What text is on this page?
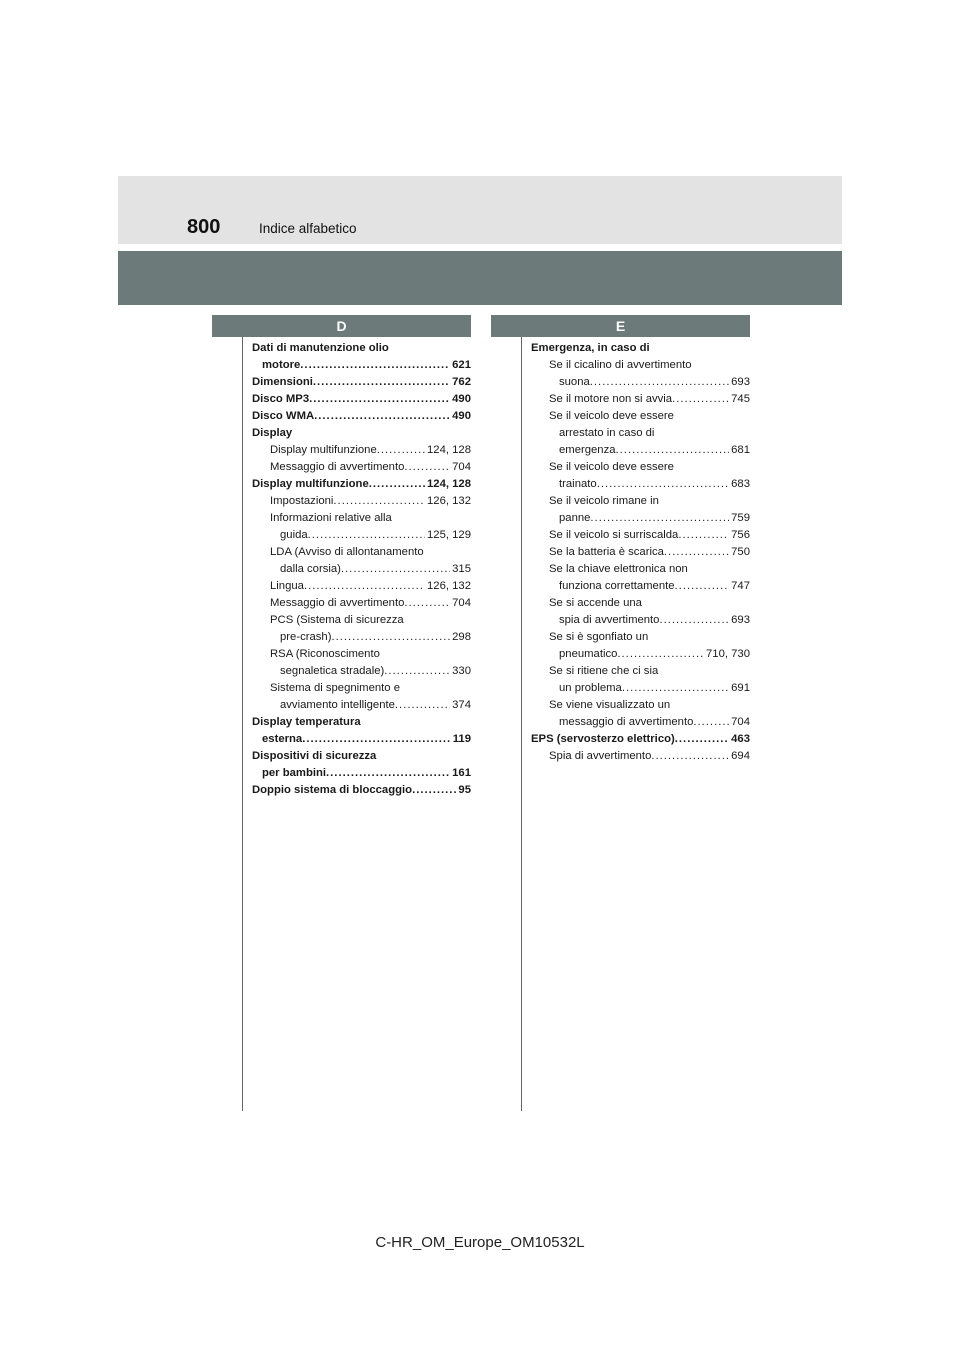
800	Indice alfabetico
D	E
Dati di manutenzione olio
motore .....	621
Dimensioni .....	762
Disco MP3 .....	490
Disco WMA .....	490
Display
Display multifunzione .....	124, 128
Messaggio di avvertimento .....	704
Display multifunzione .....	124, 128
Impostazioni .....	126, 132
Informazioni relative alla
guida .....	125, 129
LDA (Avviso di allontanamento
dalla corsia) .....	315
Lingua .....	126, 132
Messaggio di avvertimento .....	704
PCS (Sistema di sicurezza
pre-crash) .....	298
RSA (Riconoscimento
segnaletica stradale) .....	330
Sistema di spegnimento e
avviamento intelligente .....	374
Display temperatura
esterna .....	119
Dispositivi di sicurezza
per bambini .....	161
Doppio sistema di bloccaggio .....	95
Emergenza, in caso di
Se il cicalino di avvertimento
suona .....	693
Se il motore non si avvia .....	745
Se il veicolo deve essere
arrestato in caso di
emergenza .....	681
Se il veicolo deve essere
trainato .....	683
Se il veicolo rimane in
panne .....	759
Se il veicolo si surriscalda .....	756
Se la batteria è scarica .....	750
Se la chiave elettronica non
funziona correttamente .....	747
Se si accende una
spia di avvertimento .....	693
Se si è sgonfiato un
pneumatico .....	710, 730
Se si ritiene che ci sia
un problema .....	691
Se viene visualizzato un
messaggio di avvertimento .....	704
EPS (servosterzo elettrico) .....	463
Spia di avvertimento .....	694
C-HR_OM_Europe_OM10532L
